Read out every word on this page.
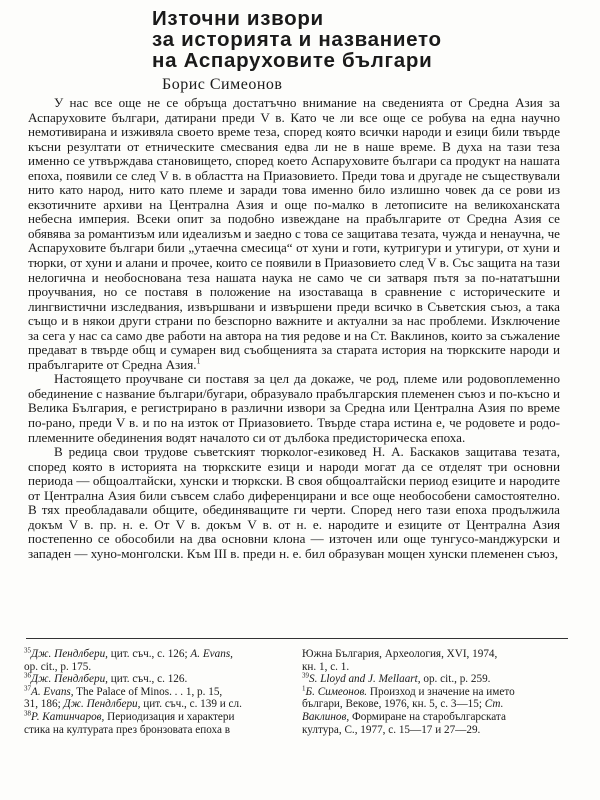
Източни извори
за историята и названието
на Аспаруховите българи

Борис Симеонов

У нас все още не се обръща достатъчно внимание на сведенията от Средна Азия за Аспаруховите българи, датирани преди V в. Като че ли все още се робува на една научно немотивирана и изживяла своето време теза, според която всички народи и езици били твърде късни резултати от етническите смесвания едва ли не в наше време. В духа на тази теза именно се утвърждава становището, според което Аспаруховите българи са продукт на нашата епоха, появили се след V в. в областта на Приазовието. Преди това и другаде не съществували нито като народ, нито като племе и заради това именно било излишно човек да се рови из екзотичните архиви на Централна Азия и още по-малко в летописите на великоханската небесна империя. Всеки опит за подобно извеждане на прабългарите от Средна Азия се обявява за романтизъм или идеализъм и заедно с това се защитава тезата, чужда и ненаучна, че Аспаруховите българи били „утаечна смесица“ от хуни и готи, кутригури и утигури, от хуни и тюрки, от хуни и алани и прочее, които се появили в Приазовието след V в. Със защита на тази нелогична и необоснована теза нашата наука не само че си затваря пътя за по-нататъшни проучвания, но се поставя в положение на изоставаща в сравнение с историческите и лингвистични изследвания, извършвани и извършени преди всичко в Съветския съюз, а така също и в някои други страни по безспорно важните и актуални за нас проблеми. Изключение за сега у нас са само две работи на автора на тия редове и на Ст. Ваклинов, които за съжаление предават в твърде общ и сумарен вид съобщенията за старата история на тюркските народи и прабългарите от Средна Азия.$^1$

Настоящето проучване си поставя за цел да докаже, че род, племе или родовоплеменно обединение с название българи/бугари, образувало прабългарския племенен съюз и по-късно и Велика България, е регистрирано в различни извори за Средна или Централна Азия по време по-рано, преди V в. и по на изток от Приазовието. Твърде стара истина е, че родовете и родо-племенните обединения водят началото си от дълбока предисторическа епоха.

В редица свои трудове съветският тюрколог-езиковед Н. А. Баскаков защитава тезата, според която в историята на тюркските езици и народи могат да се отделят три основни периода — общоалтайски, хунски и тюркски. В своя общоалтайски период езиците и народите от Централна Азия били съвсем слабо диференцирани и все още необособени самостоятелно. В тях преобладавали общите, обединяващите ги черти. Според него тази епоха продължила докъм V в. пр. н. е. От V в. докъм V в. от н. е. народите и езиците от Централна Азия постепенно се обособили на два основни клона — източен или още тунгусо-манджурски и западен — хуно-монголски. Към III в. преди н. е. бил образуван мощен хунски племенен съюз,

$^{35}$Дж. Пендлбери, цит. съч., с. 126; A. Evans,
op. cit., p. 175.
$^{36}$Дж. Пендлбери, цит. съч., с. 126.
$^{37}$A. Evans, The Palace of Minos. . . 1, p. 15,
31, 186; Дж. Пендлбери, цит. съч., с. 139 и сл.
$^{38}$Р. Катинчаров, Периодизация и характери
стика на културата през бронзовата епоха в
Южна България, Археология, XVI, 1974,
кн. 1, с. 1.
$^{39}$S. Lloyd and J. Mellaart, op. cit., p. 259.
$^1$Б. Симеонов. Произход и значение на името
българи, Векове, 1976, кн. 5, с. 3—15; Ст.
Ваклинов, Формиране на старобългарската
култура, С., 1977, с. 15—17 и 27—29.
